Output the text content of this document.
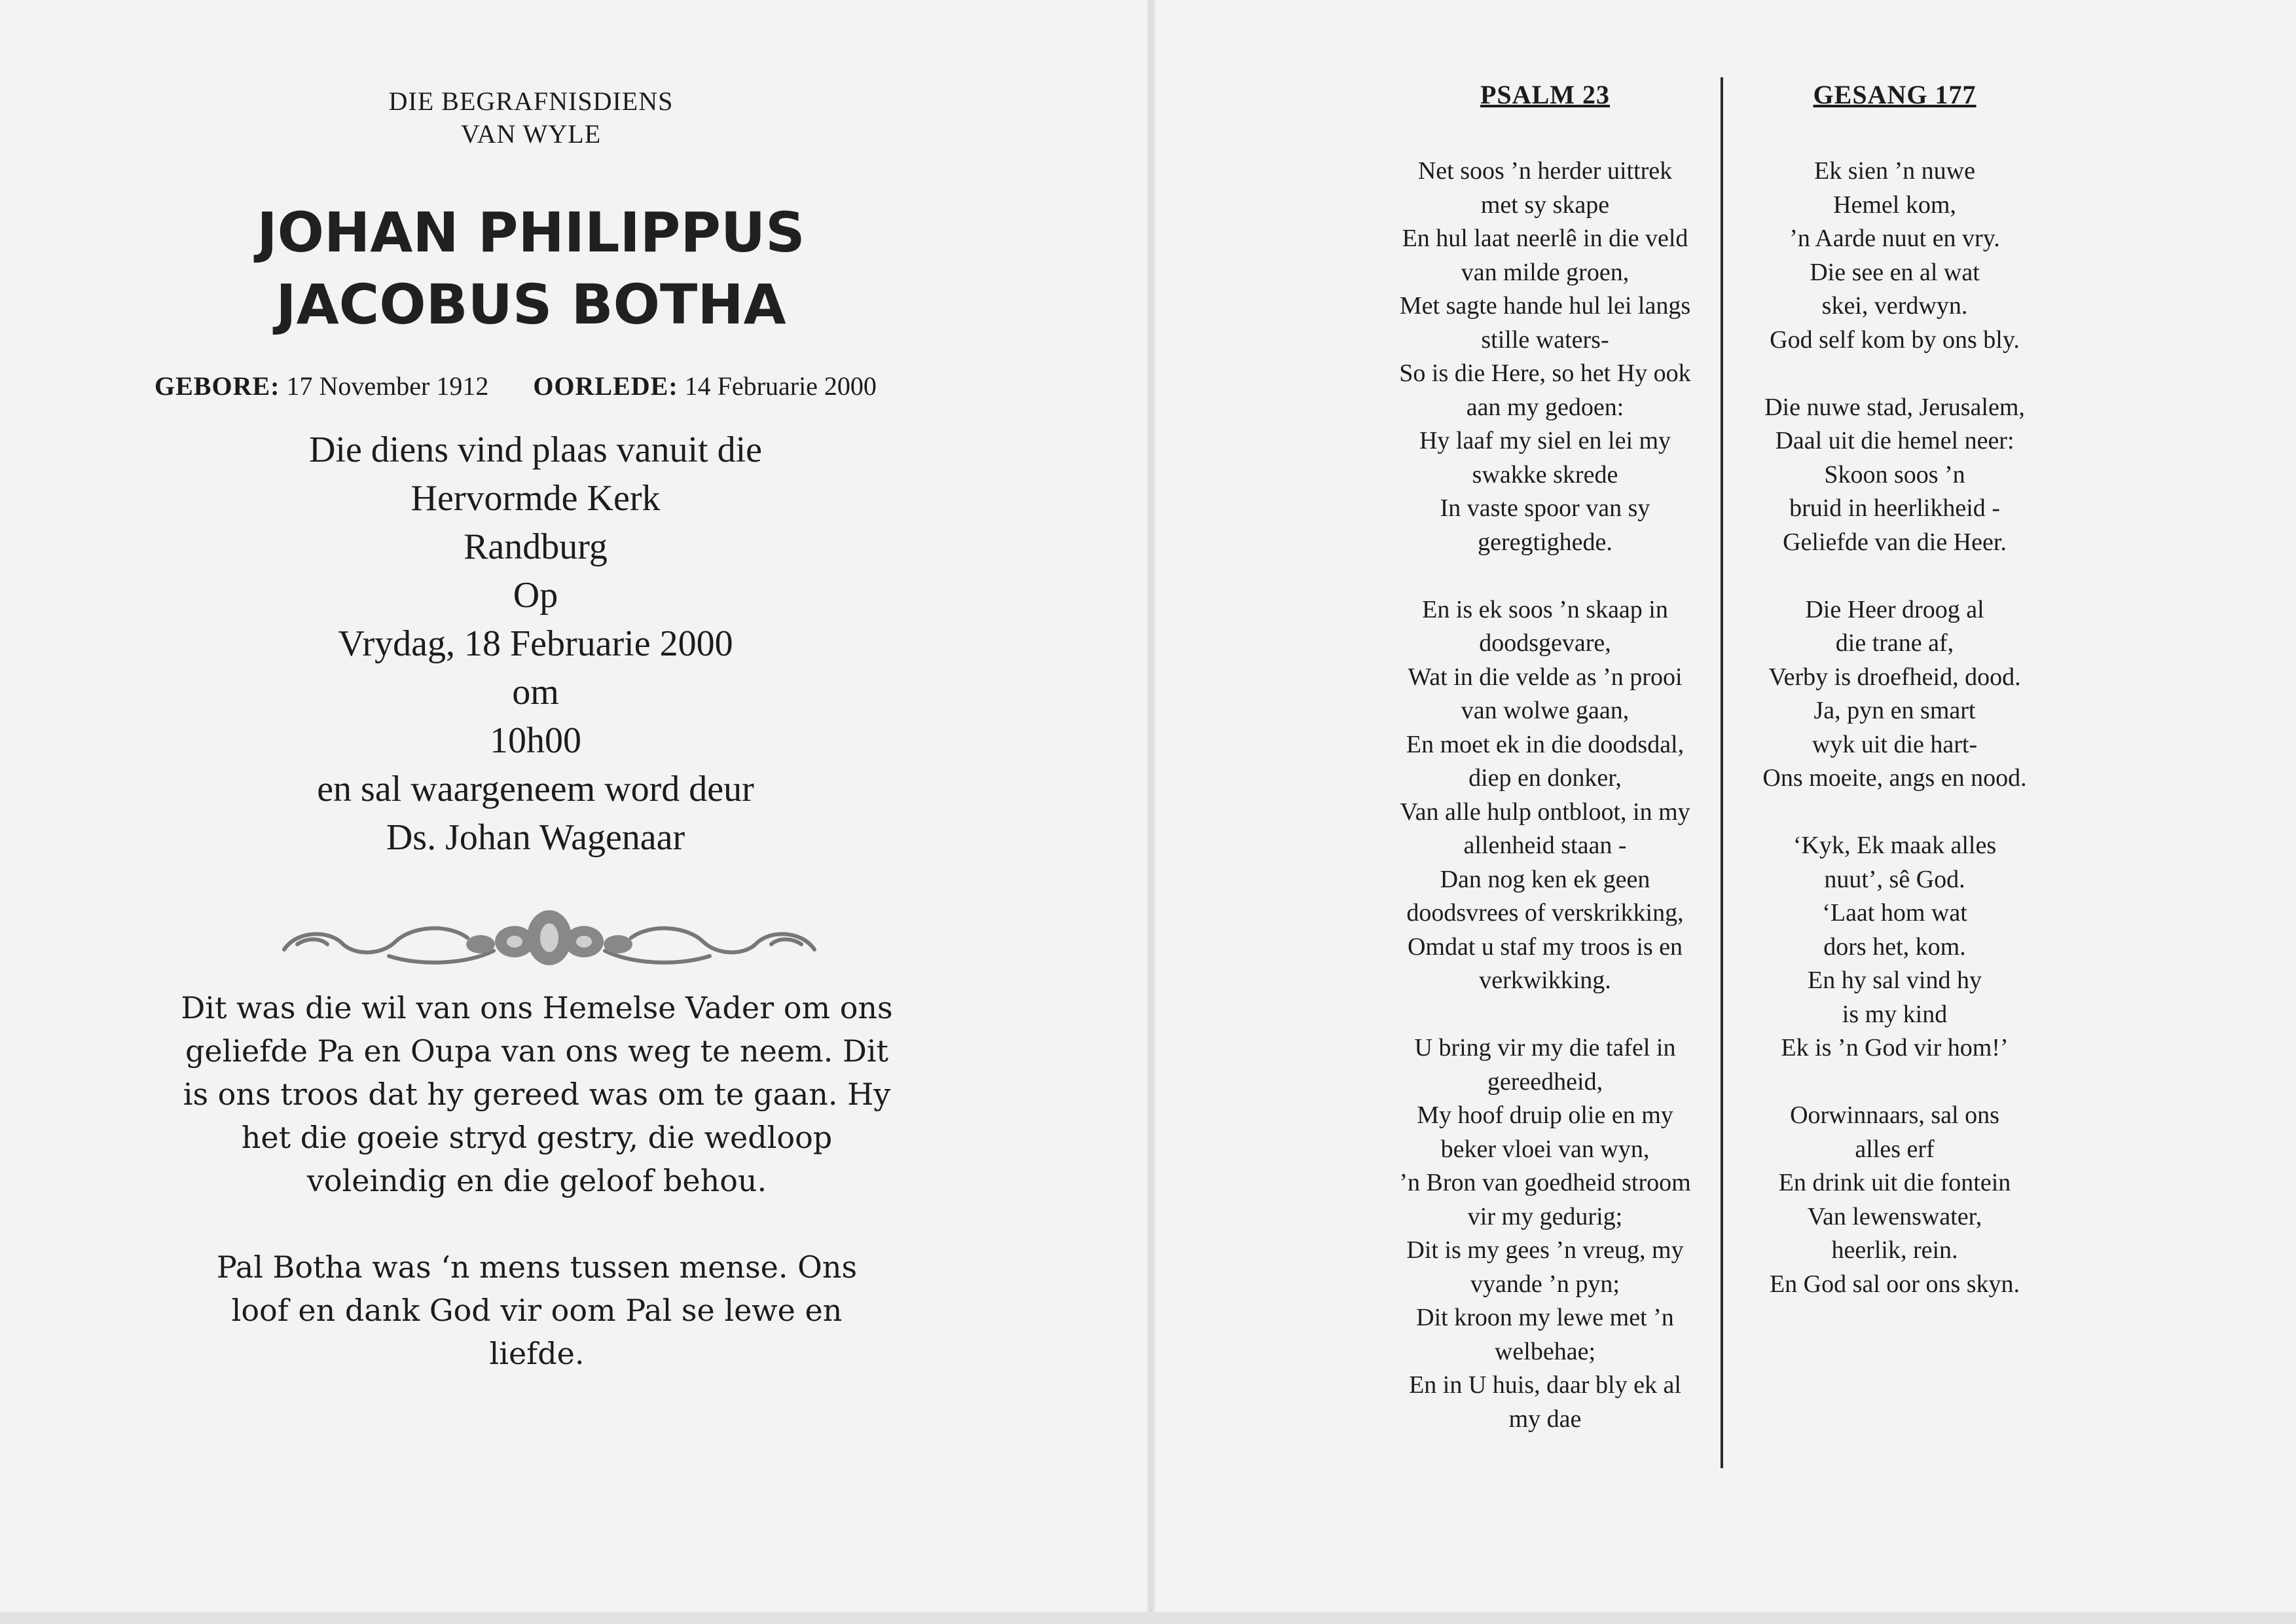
DIE BEGRAFNISDIENS
VAN WYLE
JOHAN PHILIPPUS
JACOBUS BOTHA
GEBORE: 17 November 1912 OORLEDE: 14 Februarie 2000
Die diens vind plaas vanuit die
Hervormde Kerk
Randburg
Op
Vrydag, 18 Februarie 2000
om
10h00
en sal waargeneem word deur
Ds. Johan Wagenaar

Dit was die wil van ons Hemelse Vader om ons
geliefde Pa en Oupa van ons weg te neem. Dit
is ons troos dat hy gereed was om te gaan. Hy
het die goeie stryd gestry, die wedloop
voleindig en die geloof behou.

Pal Botha was ‘n mens tussen mense. Ons
loof en dank God vir oom Pal se lewe en
liefde.

PSALM 23
Net soos ’n herder uittrek
met sy skape
En hul laat neerlê in die veld
van milde groen,
Met sagte hande hul lei langs
stille waters-
So is die Here, so het Hy ook
aan my gedoen:
Hy laaf my siel en lei my
swakke skrede
In vaste spoor van sy
geregtighede.
En is ek soos ’n skaap in
doodsgevare,
Wat in die velde as ’n prooi
van wolwe gaan,
En moet ek in die doodsdal,
diep en donker,
Van alle hulp ontbloot, in my
allenheid staan -
Dan nog ken ek geen
doodsvrees of verskrikking,
Omdat u staf my troos is en
verkwikking.
U bring vir my die tafel in
gereedheid,
My hoof druip olie en my
beker vloei van wyn,
’n Bron van goedheid stroom
vir my gedurig;
Dit is my gees ’n vreug, my
vyande ’n pyn;
Dit kroon my lewe met ’n
welbehae;
En in U huis, daar bly ek al
my dae
GESANG 177
Ek sien ’n nuwe
Hemel kom,
’n Aarde nuut en vry.
Die see en al wat
skei, verdwyn.
God self kom by ons bly.
Die nuwe stad, Jerusalem,
Daal uit die hemel neer:
Skoon soos ’n
bruid in heerlikheid -
Geliefde van die Heer.
Die Heer droog al
die trane af,
Verby is droefheid, dood.
Ja, pyn en smart
wyk uit die hart-
Ons moeite, angs en nood.
‘Kyk, Ek maak alles
nuut’, sê God.
‘Laat hom wat
dors het, kom.
En hy sal vind hy
is my kind
Ek is ’n God vir hom!’
Oorwinnaars, sal ons
alles erf
En drink uit die fontein
Van lewenswater,
heerlik, rein.
En God sal oor ons skyn.
